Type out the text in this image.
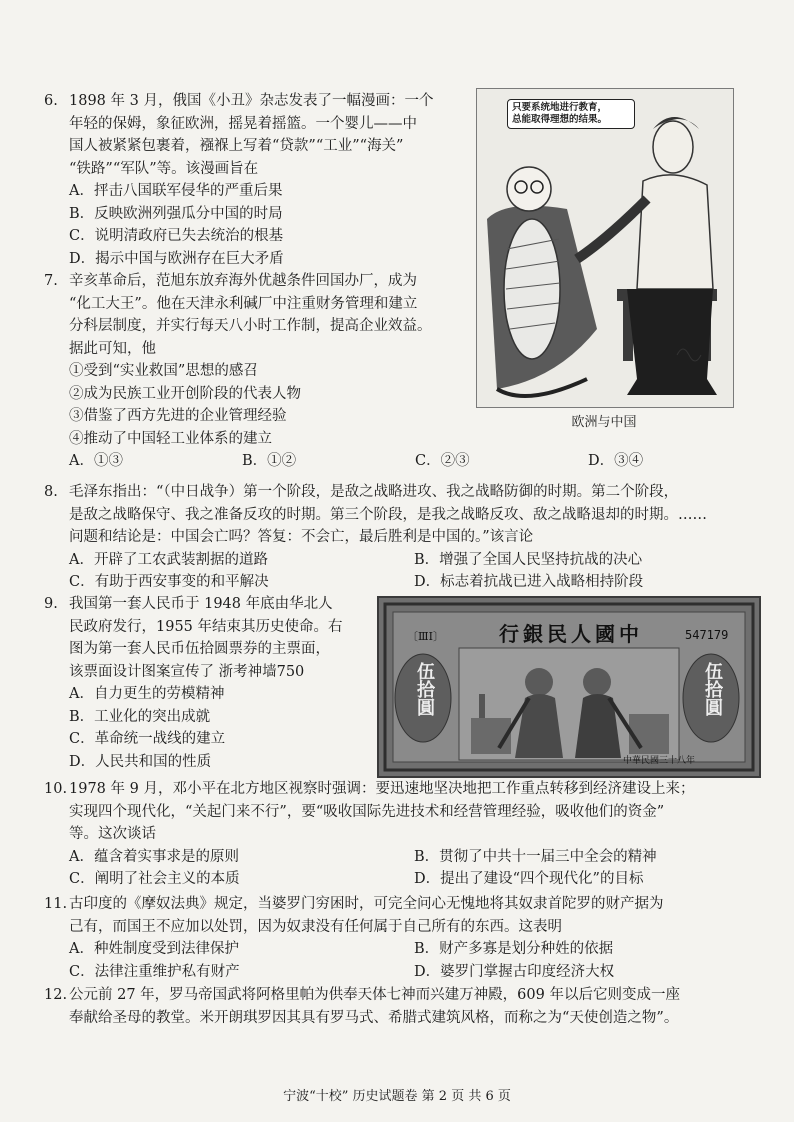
6. 1898 年 3 月，俄国《小丑》杂志发表了一幅漫画：一个
年轻的保姆，象征欧洲，摇晃着摇篮。一个婴儿——中
国人被紧紧包裹着，襁褓上写着“贷款”“工业”“海关”
“铁路”“军队”等。该漫画旨在
A．抨击八国联军侵华的严重后果
B．反映欧洲列强瓜分中国的时局
C．说明清政府已失去统治的根基
D．揭示中国与欧洲存在巨大矛盾
只要系统地进行教育，
总能取得理想的结果。
欧洲与中国
7. 辛亥革命后，范旭东放弃海外优越条件回国办厂，成为
“化工大王”。他在天津永利碱厂中注重财务管理和建立
分科层制度，并实行每天八小时工作制，提高企业效益。
据此可知，他
①受到“实业救国”思想的感召
②成为民族工业开创阶段的代表人物
③借鉴了西方先进的企业管理经验
④推动了中国轻工业体系的建立
A．①③	B．①②	C．②③	D．③④
8. 毛泽东指出：“（中日战争）第一个阶段，是敌之战略进攻、我之战略防御的时期。第二个阶段，
是敌之战略保守、我之准备反攻的时期。第三个阶段，是我之战略反攻、敌之战略退却的时期。……
问题和结论是：中国会亡吗？答复：不会亡，最后胜利是中国的。”该言论
A．开辟了工农武装割据的道路	B．增强了全国人民坚持抗战的决心
C．有助于西安事变的和平解决	D．标志着抗战已进入战略相持阶段
9. 我国第一套人民币于 1948 年底由华北人
民政府发行，1955 年结束其历史使命。右
图为第一套人民币伍拾圆票券的主票面，
该票面设计图案宣传了 浙考神墙750
A．自力更生的劳模精神
B．工业化的突出成就
C．革命统一战线的建立
D．人民共和国的性质
行銀民人國中
〔ⅢⅠ〕	547179
伍拾圓	伍拾圓
中華民國三十八年
10. 1978 年 9 月，邓小平在北方地区视察时强调：要迅速地坚决地把工作重点转移到经济建设上来；
实现四个现代化，“关起门来不行”，要“吸收国际先进技术和经营管理经验，吸收他们的资金”
等。这次谈话
A．蕴含着实事求是的原则	B．贯彻了中共十一届三中全会的精神
C．阐明了社会主义的本质	D．提出了建设“四个现代化”的目标
11. 古印度的《摩奴法典》规定，当婆罗门穷困时，可完全问心无愧地将其奴隶首陀罗的财产据为
己有，而国王不应加以处罚，因为奴隶没有任何属于自己所有的东西。这表明
A．种姓制度受到法律保护	B．财产多寡是划分种姓的依据
C．法律注重维护私有财产	D．婆罗门掌握古印度经济大权
12. 公元前 27 年，罗马帝国武将阿格里帕为供奉天体七神而兴建万神殿，609 年以后它则变成一座
奉献给圣母的教堂。米开朗琪罗因其具有罗马式、希腊式建筑风格，而称之为“天使创造之物”。
宁波“十校” 历史试题卷 第 2 页 共 6 页
